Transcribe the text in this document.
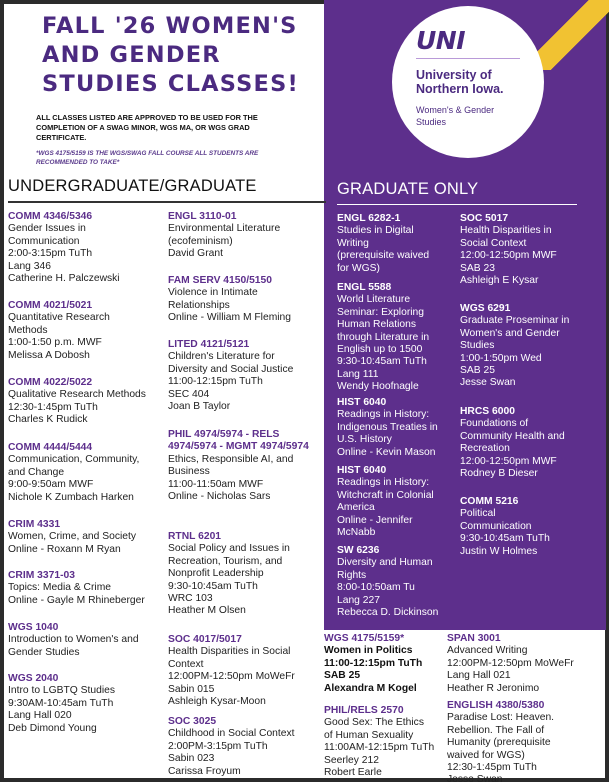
UNI
University of Northern Iowa.
Women's & Gender Studies
FALL '26 WOMEN'S AND GENDER STUDIES CLASSES!
ALL CLASSES LISTED ARE APPROVED TO BE USED FOR THE COMPLETION OF A SWAG MINOR, WGS MA, OR WGS GRAD CERTIFICATE.
*WGS 4175/5159 IS THE WGS/SWAG FALL COURSE ALL STUDENTS ARE RECOMMENDED TO TAKE*
UNDERGRADUATE/GRADUATE	GRADUATE ONLY
COMM 4346/5346
Gender Issues in
Communication
2:00-3:15pm TuTh
Lang 346
Catherine H. Palczewski
COMM 4021/5021
Quantitative Research
Methods
1:00-1:50 p.m. MWF
Melissa A Dobosh
COMM 4022/5022
Qualitative Research Methods
12:30-1:45pm TuTh
Charles K Rudick
COMM 4444/5444
Communication, Community,
and Change
9:00-9:50am MWF
Nichole K Zumbach Harken
CRIM 4331
Women, Crime, and Society
Online - Roxann M Ryan
CRIM 3371-03
Topics: Media & Crime
Online - Gayle M Rhineberger
WGS 1040
Introduction to Women's and
Gender Studies
WGS 2040
Intro to LGBTQ Studies
9:30AM-10:45am TuTh
Lang Hall 020
Deb Dimond Young
ENGL 3110-01
Environmental Literature
(ecofeminism)
David Grant
FAM SERV 4150/5150
Violence in Intimate
Relationships
Online - William M Fleming
LITED 4121/5121
Children's Literature for
Diversity and Social Justice
11:00-12:15pm TuTh
SEC 404
Joan B Taylor
PHIL 4974/5974 - RELS 4974/5974 - MGMT 4974/5974
Ethics, Responsible AI, and
Business
11:00-11:50am MWF
Online - Nicholas Sars
RTNL 6201
Social Policy and Issues in
Recreation, Tourism, and
Nonprofit Leadership
9:30-10:45am TuTh
WRC 103
Heather M Olsen
SOC 4017/5017
Health Disparities in Social
Context
12:00PM-12:50pm MoWeFr
Sabin 015
Ashleigh Kysar-Moon
SOC 3025
Childhood in Social Context
2:00PM-3:15pm TuTh
Sabin 023
Carissa Froyum
ENGL 6282-1
Studies in Digital
Writing
(prerequisite waived
for WGS)
ENGL 5588
World Literature
Seminar: Exploring
Human Relations
through Literature in
English up to 1500
9:30-10:45am TuTh
Lang 111
Wendy Hoofnagle
HIST 6040
Readings in History:
Indigenous Treaties in
U.S. History
Online - Kevin Mason
HIST 6040
Readings in History:
Witchcraft in Colonial
America
Online - Jennifer
McNabb
SW 6236
Diversity and Human
Rights
8:00-10:50am Tu
Lang 227
Rebecca D. Dickinson
SOC 5017
Health Disparities in
Social Context
12:00-12:50pm MWF
SAB 23
Ashleigh E Kysar
WGS 6291
Graduate Proseminar in
Women's and Gender
Studies
1:00-1:50pm Wed
SAB 25
Jesse Swan
HRCS 6000
Foundations of
Community Health and
Recreation
12:00-12:50pm MWF
Rodney B Dieser
COMM 5216
Political
Communication
9:30-10:45am TuTh
Justin W Holmes
WGS 4175/5159*
Women in Politics
11:00-12:15pm TuTh
SAB 25
Alexandra M Kogel
PHIL/RELS 2570
Good Sex: The Ethics
of Human Sexuality
11:00AM-12:15pm TuTh
Seerley 212
Robert Earle
SPAN 3001
Advanced Writing
12:00PM-12:50pm MoWeFr
Lang Hall 021
Heather R Jeronimo
ENGLISH 4380/5380
Paradise Lost: Heaven.
Rebellion. The Fall of
Humanity (prerequisite
waived for WGS)
12:30-1:45pm TuTh
Jesse Swan
